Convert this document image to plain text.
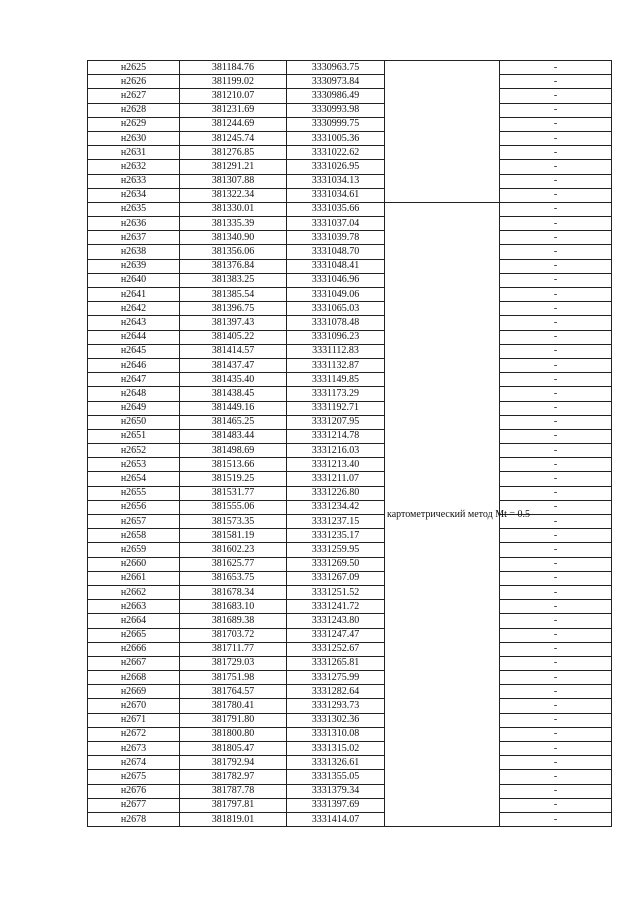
н2625	381184.76	3330963.75		-
н2626	381199.02	3330973.84		-
н2627	381210.07	3330986.49		-
н2628	381231.69	3330993.98		-
н2629	381244.69	3330999.75		-
н2630	381245.74	3331005.36		-
н2631	381276.85	3331022.62		-
н2632	381291.21	3331026.95		-
н2633	381307.88	3331034.13		-
н2634	381322.34	3331034.61		-
н2635	381330.01	3331035.66	картометрический метод Mt = 0.5	-
н2636	381335.39	3331037.04		-
н2637	381340.90	3331039.78		-
н2638	381356.06	3331048.70		-
н2639	381376.84	3331048.41		-
н2640	381383.25	3331046.96		-
н2641	381385.54	3331049.06		-
н2642	381396.75	3331065.03		-
н2643	381397.43	3331078.48		-
н2644	381405.22	3331096.23		-
н2645	381414.57	3331112.83		-
н2646	381437.47	3331132.87		-
н2647	381435.40	3331149.85		-
н2648	381438.45	3331173.29		-
н2649	381449.16	3331192.71		-
н2650	381465.25	3331207.95		-
н2651	381483.44	3331214.78		-
н2652	381498.69	3331216.03		-
н2653	381513.66	3331213.40		-
н2654	381519.25	3331211.07		-
н2655	381531.77	3331226.80		-
н2656	381555.06	3331234.42		-
н2657	381573.35	3331237.15		-
н2658	381581.19	3331235.17		-
н2659	381602.23	3331259.95		-
н2660	381625.77	3331269.50		-
н2661	381653.75	3331267.09		-
н2662	381678.34	3331251.52		-
н2663	381683.10	3331241.72		-
н2664	381689.38	3331243.80		-
н2665	381703.72	3331247.47		-
н2666	381711.77	3331252.67		-
н2667	381729.03	3331265.81		-
н2668	381751.98	3331275.99		-
н2669	381764.57	3331282.64		-
н2670	381780.41	3331293.73		-
н2671	381791.80	3331302.36		-
н2672	381800.80	3331310.08		-
н2673	381805.47	3331315.02		-
н2674	381792.94	3331326.61		-
н2675	381782.97	3331355.05		-
н2676	381787.78	3331379.34		-
н2677	381797.81	3331397.69		-
н2678	381819.01	3331414.07		-
